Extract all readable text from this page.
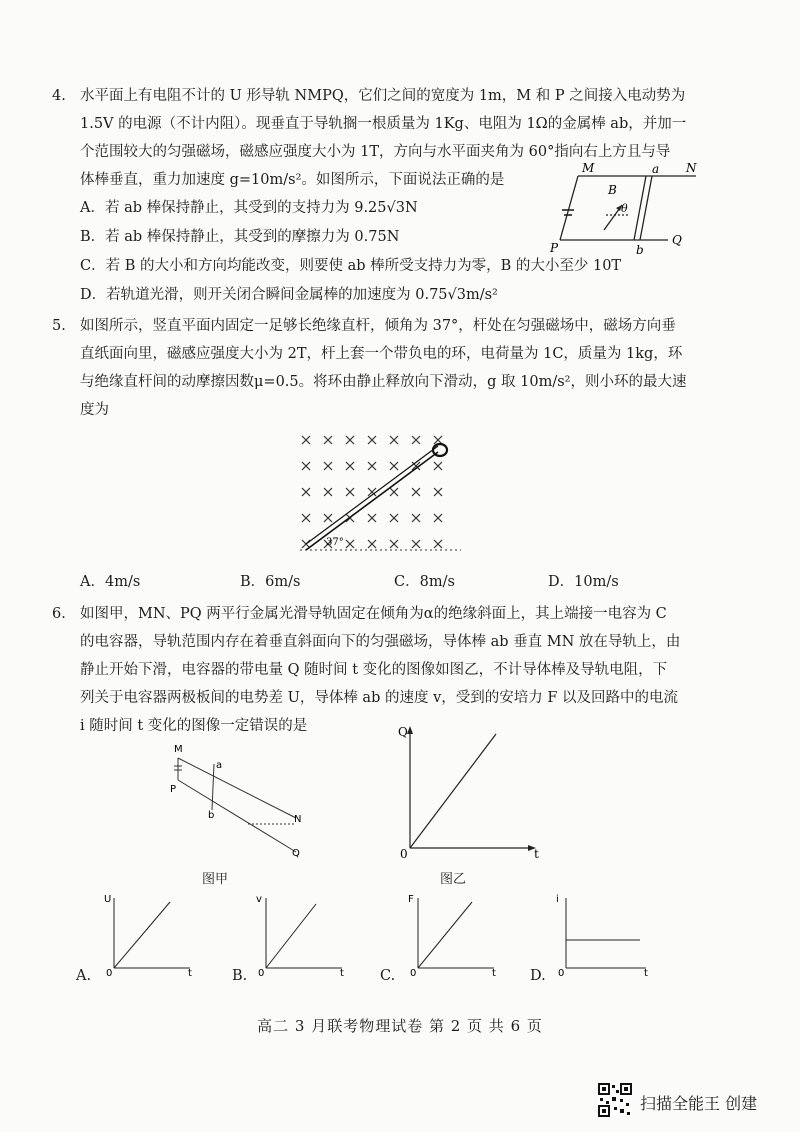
4. 水平面上有电阻不计的 U 形导轨 NMPQ，它们之间的宽度为 1m，M 和 P 之间接入电动势为
1.5V 的电源（不计内阻）。现垂直于导轨搁一根质量为 1Kg、电阻为 1Ω的金属棒 ab，并加一
个范围较大的匀强磁场，磁感应强度大小为 1T，方向与水平面夹角为 60°指向右上方且与导
体棒垂直，重力加速度 g=10m/s²。如图所示，下面说法正确的是
A．若 ab 棒保持静止，其受到的支持力为 9.25√3N
B．若 ab 棒保持静止，其受到的摩擦力为 0.75N
C．若 B 的大小和方向均能改变，则要使 ab 棒所受支持力为零，B 的大小至少 10T
D．若轨道光滑，则开关闭合瞬间金属棒的加速度为 0.75√3m/s²
M	N
P
Q
a
b
B
θ
5. 如图所示，竖直平面内固定一足够长绝缘直杆，倾角为 37°，杆处在匀强磁场中，磁场方向垂
直纸面向里，磁感应强度大小为 2T，杆上套一个带负电的环，电荷量为 1C，质量为 1kg，环
与绝缘直杆间的动摩擦因数μ=0.5。将环由静止释放向下滑动，g 取 10m/s²，则小环的最大速
度为
37°
A．4m/s	B．6m/s	C．8m/s	D．10m/s
6. 如图甲，MN、PQ 两平行金属光滑导轨固定在倾角为α的绝缘斜面上，其上端接一电容为 C
的电容器，导轨范围内存在着垂直斜面向下的匀强磁场，导体棒 ab 垂直 MN 放在导轨上，由
静止开始下滑，电容器的带电量 Q 随时间 t 变化的图像如图乙，不计导体棒及导轨电阻，下
列关于电容器两极板间的电势差 U，导体棒 ab 的速度 v，受到的安培力 F 以及回路中的电流
i 随时间 t 变化的图像一定错误的是
M
P
a
b	N
Q
图甲
Q
t
0
图乙
A.
U
t
0	B.
v
t
0	C.
F
t
0	D.
i
t
0
高二 3 月联考物理试卷 第 2 页 共 6 页
扫描全能王 创建
